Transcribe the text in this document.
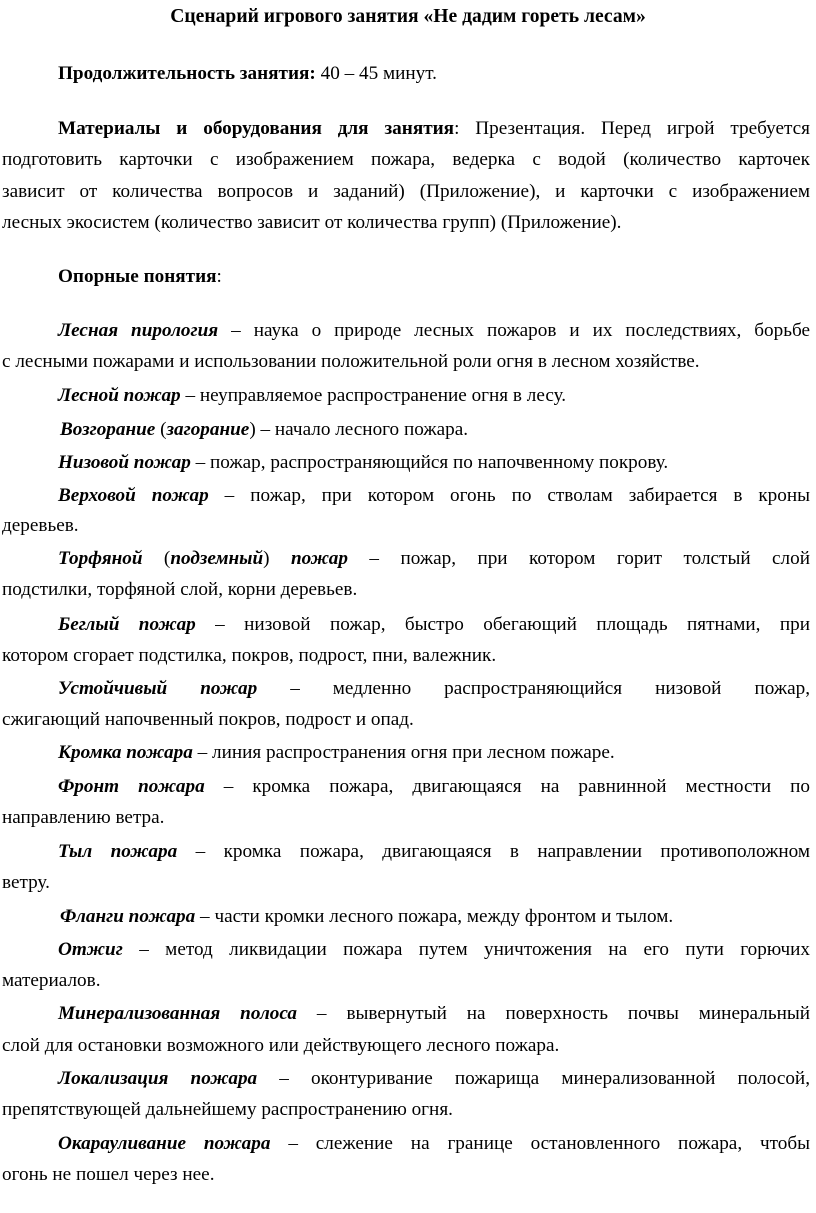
Сценарий игрового занятия «Не дадим гореть лесам»
Продолжительность занятия: 40 – 45 минут.
Материалы и оборудования для занятия: Презентация. Перед игрой требуется
подготовить карточки с изображением пожара, ведерка с водой (количество карточек
зависит от количества вопросов и заданий) (Приложение), и карточки с изображением
лесных экосистем (количество зависит от количества групп) (Приложение).
Опорные понятия:
Лесная пирология – наука о природе лесных пожаров и их последствиях, борьбе
с лесными пожарами и использовании положительной роли огня в лесном хозяйстве.
Лесной пожар – неуправляемое распространение огня в лесу.
Возгорание (загорание) – начало лесного пожара.
Низовой пожар – пожар, распространяющийся по напочвенному покрову.
Верховой пожар – пожар, при котором огонь по стволам забирается в кроны
деревьев.
Торфяной (подземный) пожар – пожар, при котором горит толстый слой
подстилки, торфяной слой, корни деревьев.
Беглый пожар – низовой пожар, быстро обегающий площадь пятнами, при
котором сгорает подстилка, покров, подрост, пни, валежник.
Устойчивый пожар – медленно распространяющийся низовой пожар,
сжигающий напочвенный покров, подрост и опад.
Кромка пожара – линия распространения огня при лесном пожаре.
Фронт пожара – кромка пожара, двигающаяся на равнинной местности по
направлению ветра.
Тыл пожара – кромка пожара, двигающаяся в направлении противоположном
ветру.
Фланги пожара – части кромки лесного пожара, между фронтом и тылом.
Отжиг – метод ликвидации пожара путем уничтожения на его пути горючих
материалов.
Минерализованная полоса – вывернутый на поверхность почвы минеральный
слой для остановки возможного или действующего лесного пожара.
Локализация пожара – оконтуривание пожарища минерализованной полосой,
препятствующей дальнейшему распространению огня.
Окарауливание пожара – слежение на границе остановленного пожара, чтобы
огонь не пошел через нее.
